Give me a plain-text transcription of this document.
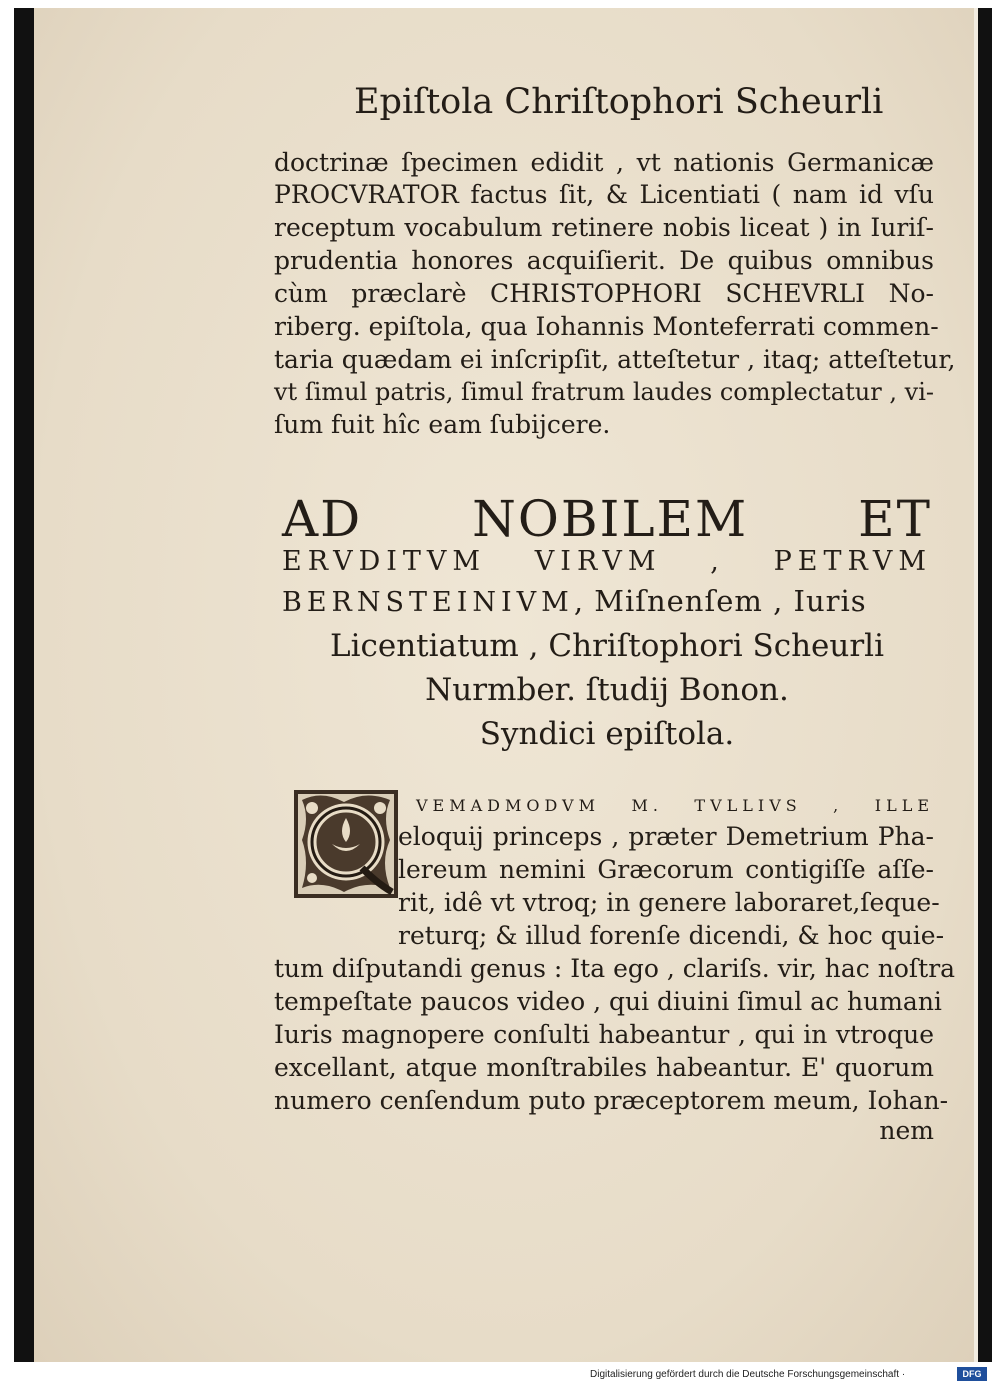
Epiſtola Chriſtophori Scheurli
doctrinæ ſpecimen edidit , vt nationis Germanicæ
PROCVRATOR factus ſit, & Licentiati ( nam id vſu
receptum vocabulum retinere nobis liceat ) in Iuriſ-
prudentia honores acquiſierit. De quibus omnibus
cùm præclarè CHRISTOPHORI SCHEVRLI No-
riberg. epiſtola, qua Iohannis Monteferrati commen-
taria quædam ei inſcripſit, atteſtetur , itaq; atteſtetur,
vt ſimul patris, ſimul fratrum laudes complectatur , vi-
ſum fuit hîc eam ſubijcere.
AD NOBILEM ET
ERVDITVM VIRVM , PETRVM
BERNSTEINIVM, Miſnenſem , Iuris
Licentiatum , Chriſtophori Scheurli
Nurmber. ſtudij Bonon.
Syndici epiſtola.
VEMADMODVM M. TVLLIVS , ILLE
eloquij princeps , præter Demetrium Pha-
lereum nemini Græcorum contigiſſe aſſe-
rit, idê vt vtroq; in genere laboraret,ſeque-
returq; & illud forenſe dicendi, & hoc quie-
tum diſputandi genus : Ita ego , clariſs. vir, hac noſtra
tempeſtate paucos video , qui diuini ſimul ac humani
Iuris magnopere conſulti habeantur , qui in vtroque
excellant, atque monſtrabiles habeantur. E' quorum
numero cenſendum puto præceptorem meum, Iohan-
nem
Digitalisierung gefördert durch die Deutsche Forschungsgemeinschaft ·	DFG
